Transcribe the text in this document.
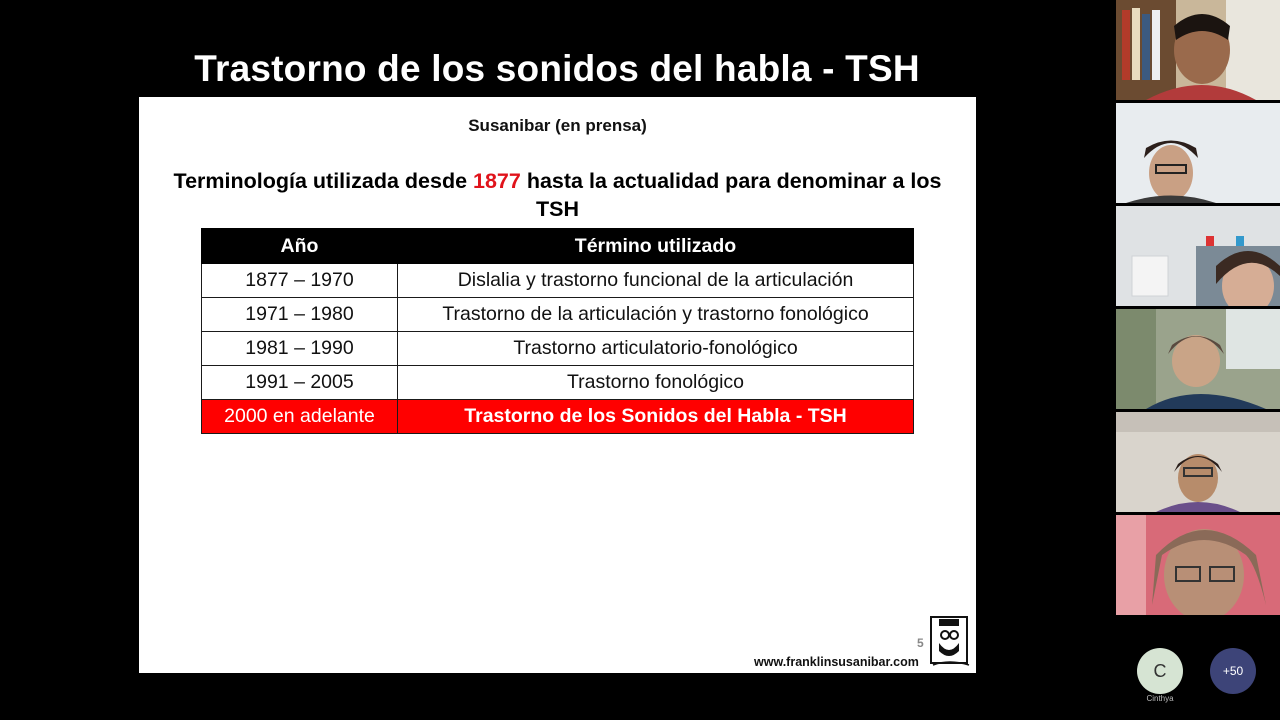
Trastorno de los sonidos del habla - TSH
Susanibar (en prensa)
Terminología utilizada desde 1877 hasta la actualidad para denominar a los TSH
Año	Término utilizado
1877 – 1970	Dislalia y trastorno funcional de la articulación
1971 – 1980	Trastorno de la articulación y trastorno fonológico
1981 – 1990	Trastorno articulatorio-fonológico
1991 – 2005	Trastorno fonológico
2000 en adelante	Trastorno de los Sonidos del Habla - TSH
5
www.franklinsusanibar.com	C
Cinthya
+50
